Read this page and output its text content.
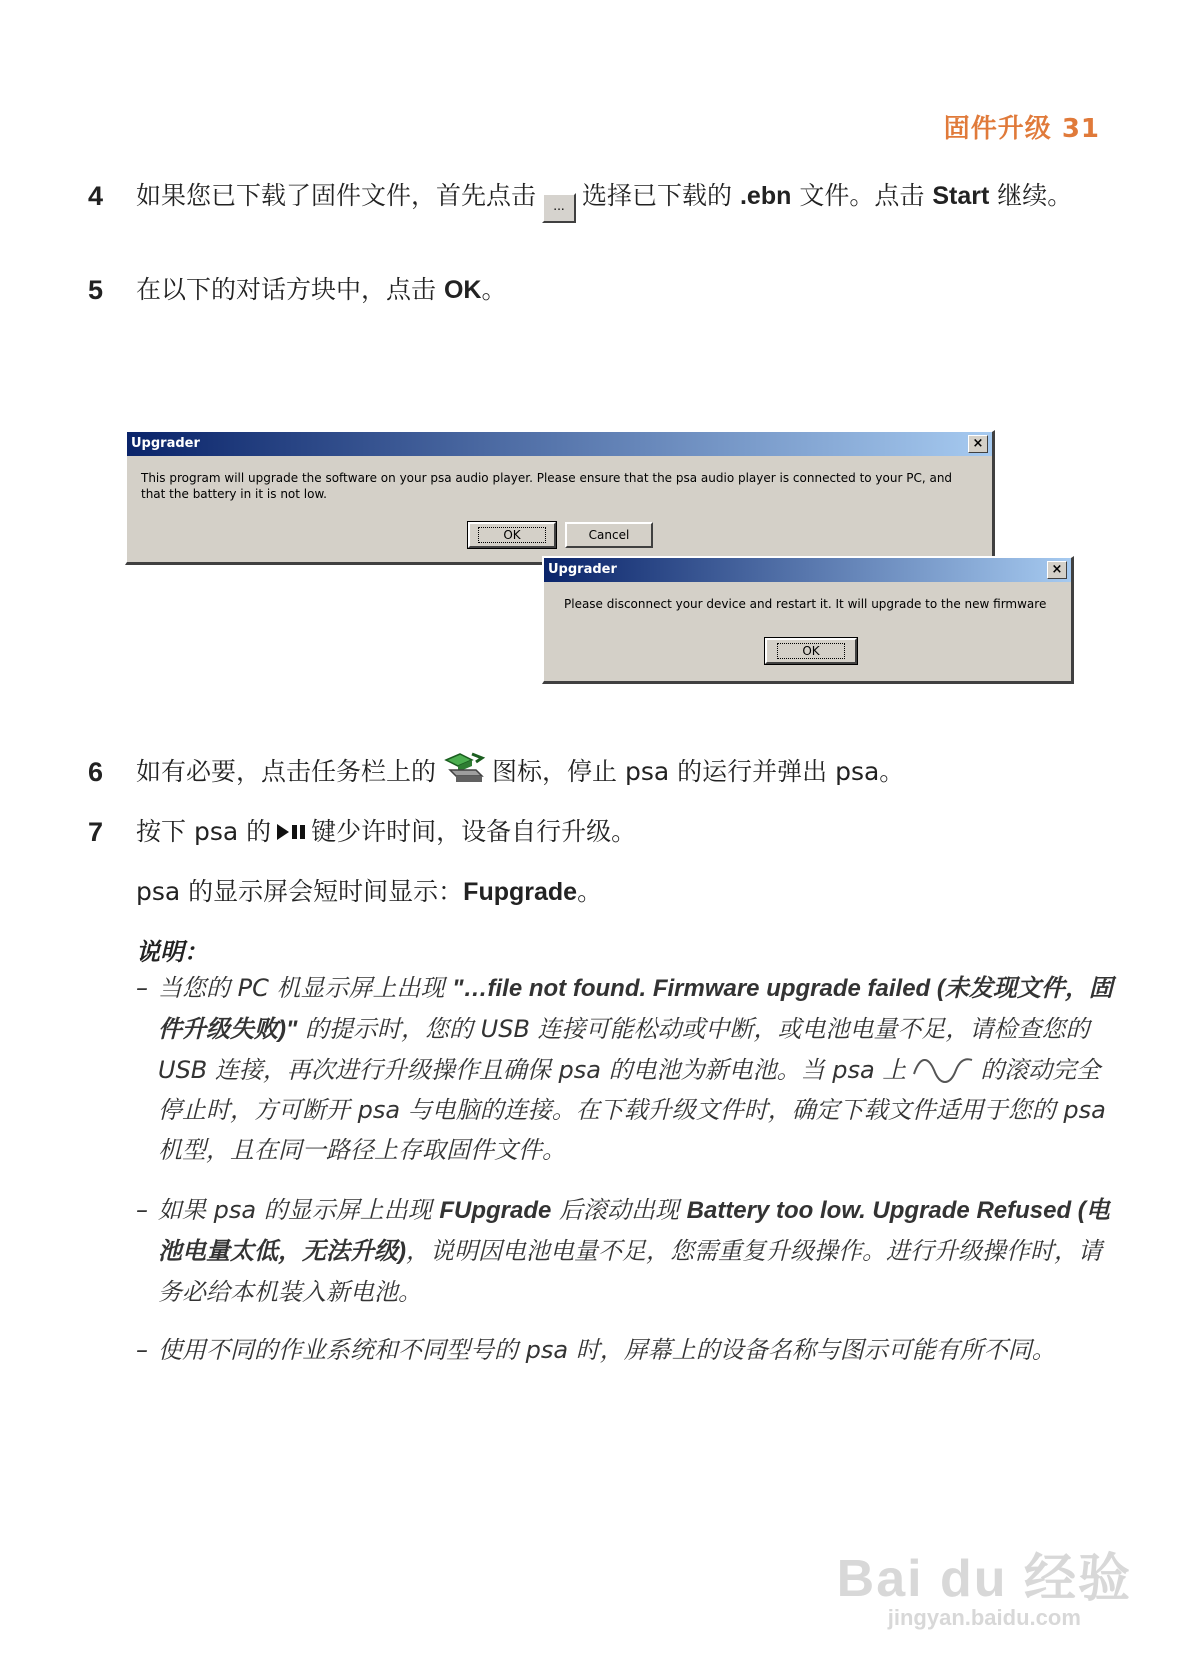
固件升级 31
4 如果您已下载了固件文件，首先点击 ... 选择已下载的 .ebn 文件。点击 Start 继续。
5 在以下的对话方块中，点击 OK。
Upgrader	×
This program will upgrade the software on your psa audio player. Please ensure that the psa audio player is connected to your PC, and that the battery in it is not low.
OK	Cancel
Upgrader	×
Please disconnect your device and restart it. It will upgrade to the new firmware
OK
6 如有必要，点击任务栏上的 图标，停止 psa 的运行并弹出 psa。
7 按下 psa 的 键少许时间，设备自行升级。
psa 的显示屏会短时间显示：Fupgrade。
说明：
– 当您的 PC 机显示屏上出现 "…file not found. Firmware upgrade failed (未发现文件，固件升级失败)" 的提示时，您的 USB 连接可能松动或中断，或电池电量不足，请检查您的 USB 连接，再次进行升级操作且确保 psa 的电池为新电池。当 psa 上	的滚动完全停止时，方可断开 psa 与电脑的连接。在下载升级文件时，确定下载文件适用于您的 psa 机型，且在同一路径上存取固件文件。
– 如果 psa 的显示屏上出现 FUpgrade 后滚动出现 Battery too low. Upgrade Refused (电池电量太低，无法升级)，说明因电池电量不足，您需重复升级操作。进行升级操作时，请务必给本机装入新电池。
– 使用不同的作业系统和不同型号的 psa 时，屏幕上的设备名称与图示可能有所不同。
Bai du 经验
jingyan.baidu.com
